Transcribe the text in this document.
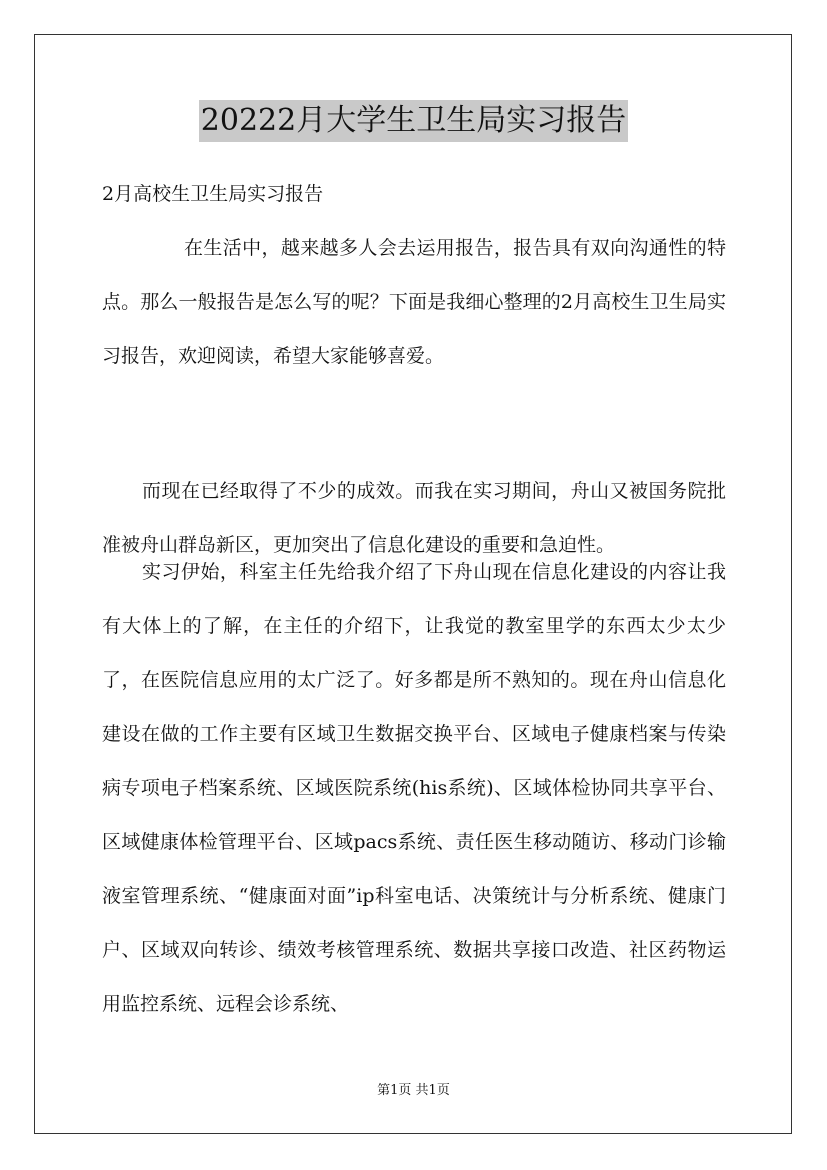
20222月大学生卫生局实习报告
2月高校生卫生局实习报告
在生活中，越来越多人会去运用报告，报告具有双向沟通性的特点。那么一般报告是怎么写的呢？下面是我细心整理的2月高校生卫生局实习报告，欢迎阅读，希望大家能够喜爱。
而现在已经取得了不少的成效。而我在实习期间，舟山又被国务院批准被舟山群岛新区，更加突出了信息化建设的重要和急迫性。
实习伊始，科室主任先给我介绍了下舟山现在信息化建设的内容让我有大体上的了解，在主任的介绍下，让我觉的教室里学的东西太少太少了，在医院信息应用的太广泛了。好多都是所不熟知的。现在舟山信息化建设在做的工作主要有区域卫生数据交换平台、区域电子健康档案与传染病专项电子档案系统、区域医院系统(his系统)、区域体检协同共享平台、区域健康体检管理平台、区域pacs系统、责任医生移动随访、移动门诊输液室管理系统、“健康面对面”ip科室电话、决策统计与分析系统、健康门户、区域双向转诊、绩效考核管理系统、数据共享接口改造、社区药物运用监控系统、远程会诊系统、
第1页 共1页
